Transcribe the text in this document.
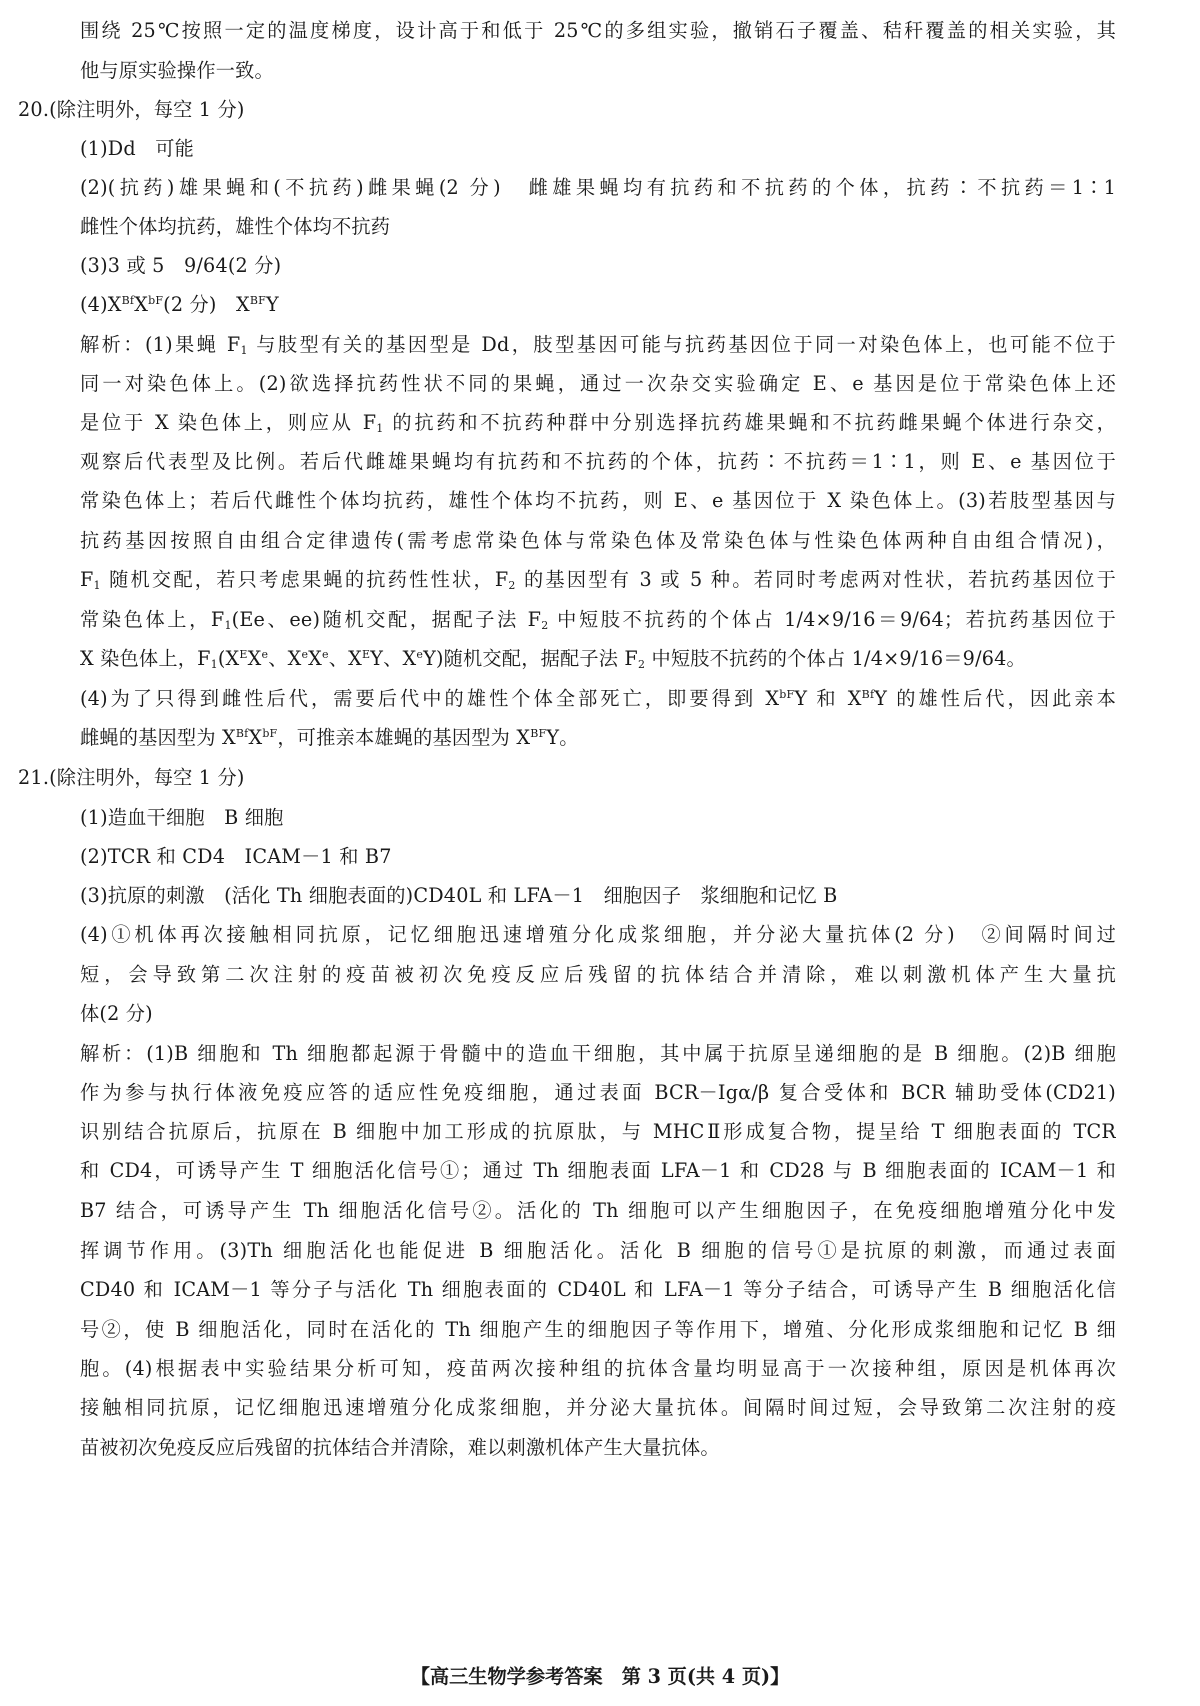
围绕 25℃按照一定的温度梯度，设计高于和低于 25℃的多组实验，撤销石子覆盖、秸秆覆盖的相关实验，其
他与原实验操作一致。
20.(除注明外，每空 1 分)
(1)Dd　可能
(2)(抗药)雄果蝇和(不抗药)雌果蝇(2 分)　雌雄果蝇均有抗药和不抗药的个体，抗药∶不抗药＝1∶1
雌性个体均抗药，雄性个体均不抗药
(3)3 或 5　9/64(2 分)
$(4)X^{Bf}X^{bF}(2$ 分)　$X^{BF}Y$
解析：(1)果蝇 $F_1$ 与肢型有关的基因型是 Dd，肢型基因可能与抗药基因位于同一对染色体上，也可能不位于
同一对染色体上。(2)欲选择抗药性状不同的果蝇，通过一次杂交实验确定 E、e 基因是位于常染色体上还
是位于 X 染色体上，则应从 $F_1$ 的抗药和不抗药种群中分别选择抗药雄果蝇和不抗药雌果蝇个体进行杂交，
观察后代表型及比例。若后代雌雄果蝇均有抗药和不抗药的个体，抗药∶不抗药＝1∶1，则 E、e 基因位于
常染色体上；若后代雌性个体均抗药，雄性个体均不抗药，则 E、e 基因位于 X 染色体上。(3)若肢型基因与
抗药基因按照自由组合定律遗传(需考虑常染色体与常染色体及常染色体与性染色体两种自由组合情况)，
$F_1$ 随机交配，若只考虑果蝇的抗药性性状，$F_2$ 的基因型有 3 或 5 种。若同时考虑两对性状，若抗药基因位于
常染色体上，$F_1(Ee$、ee)随机交配，据配子法 $F_2$ 中短肢不抗药的个体占 1/4×9/16＝9/64；若抗药基因位于
X 染色体上，$F_1(X^EXe$、XeXe、$X^EY$、XeY)随机交配，据配子法 $F_2$ 中短肢不抗药的个体占 1/4×9/16＝9/64。
(4)为了只得到雌性后代，需要后代中的雄性个体全部死亡，即要得到 $X^{bF}Y$ 和 $X^{Bf}Y$ 的雄性后代，因此亲本
雌蝇的基因型为 $X^{Bf}X^{bF}$，可推亲本雄蝇的基因型为 $X^{BF}Y$。
21.(除注明外，每空 1 分)
(1)造血干细胞　B 细胞
(2)TCR 和 CD4　ICAM－1 和 B7
(3)抗原的刺激　(活化 Th 细胞表面的)CD40L 和 LFA－1　细胞因子　浆细胞和记忆 B
(4)①机体再次接触相同抗原，记忆细胞迅速增殖分化成浆细胞，并分泌大量抗体(2 分)　②间隔时间过
短，会导致第二次注射的疫苗被初次免疫反应后残留的抗体结合并清除，难以刺激机体产生大量抗
体(2 分)
解析：(1)B 细胞和 Th 细胞都起源于骨髓中的造血干细胞，其中属于抗原呈递细胞的是 B 细胞。(2)B 细胞
作为参与执行体液免疫应答的适应性免疫细胞，通过表面 BCR－Igα/β 复合受体和 BCR 辅助受体(CD21)
识别结合抗原后，抗原在 B 细胞中加工形成的抗原肽，与 MHCⅡ形成复合物，提呈给 T 细胞表面的 TCR
和 CD4，可诱导产生 T 细胞活化信号①；通过 Th 细胞表面 LFA－1 和 CD28 与 B 细胞表面的 ICAM－1 和
B7 结合，可诱导产生 Th 细胞活化信号②。活化的 Th 细胞可以产生细胞因子，在免疫细胞增殖分化中发
挥调节作用。(3)Th 细胞活化也能促进 B 细胞活化。活化 B 细胞的信号①是抗原的刺激，而通过表面
CD40 和 ICAM－1 等分子与活化 Th 细胞表面的 CD40L 和 LFA－1 等分子结合，可诱导产生 B 细胞活化信
号②，使 B 细胞活化，同时在活化的 Th 细胞产生的细胞因子等作用下，增殖、分化形成浆细胞和记忆 B 细
胞。(4)根据表中实验结果分析可知，疫苗两次接种组的抗体含量均明显高于一次接种组，原因是机体再次
接触相同抗原，记忆细胞迅速增殖分化成浆细胞，并分泌大量抗体。间隔时间过短，会导致第二次注射的疫
苗被初次免疫反应后残留的抗体结合并清除，难以刺激机体产生大量抗体。
【高三生物学参考答案　第 3 页(共 4 页)】
